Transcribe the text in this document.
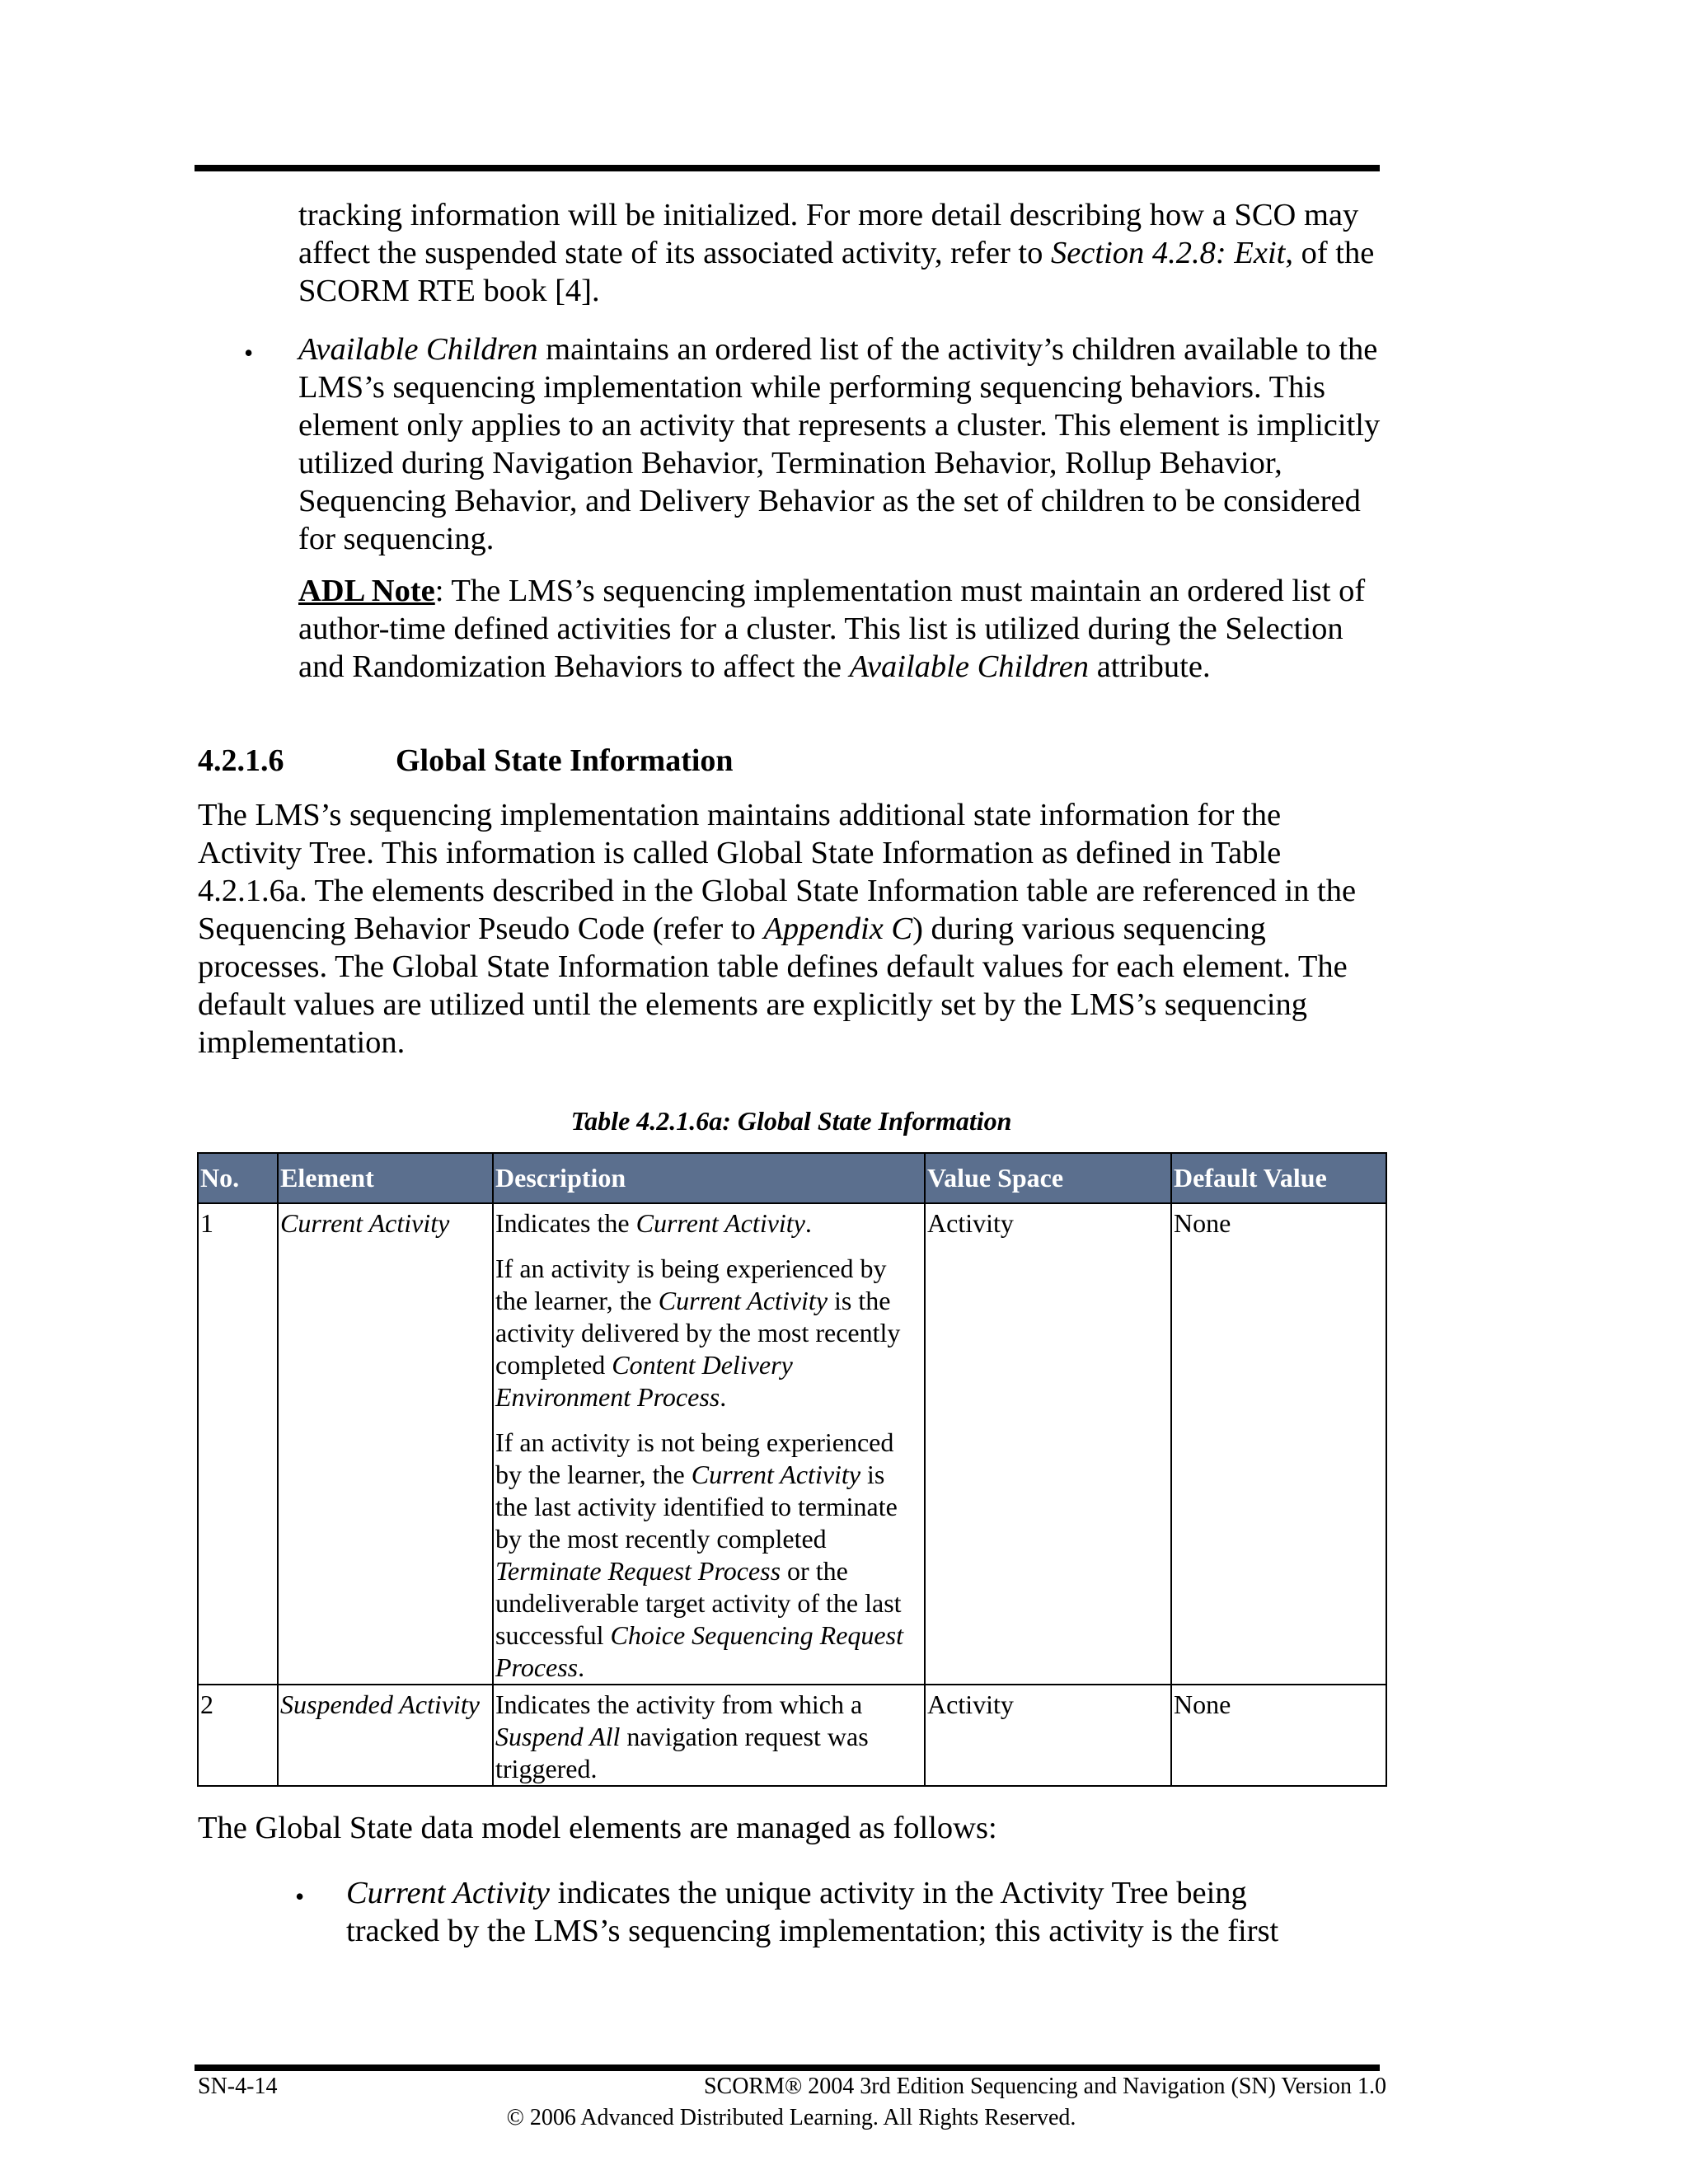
tracking information will be initialized. For more detail describing how a SCO may affect the suspended state of its associated activity, refer to Section 4.2.8: Exit, of the SCORM RTE book [4].

• Available Children maintains an ordered list of the activity’s children available to the LMS’s sequencing implementation while performing sequencing behaviors. This element only applies to an activity that represents a cluster. This element is implicitly utilized during Navigation Behavior, Termination Behavior, Rollup Behavior, Sequencing Behavior, and Delivery Behavior as the set of children to be considered for sequencing.

ADL Note: The LMS’s sequencing implementation must maintain an ordered list of author-time defined activities for a cluster. This list is utilized during the Selection and Randomization Behaviors to affect the Available Children attribute.

4.2.1.6	Global State Information

The LMS’s sequencing implementation maintains additional state information for the Activity Tree. This information is called Global State Information as defined in Table 4.2.1.6a. The elements described in the Global State Information table are referenced in the Sequencing Behavior Pseudo Code (refer to Appendix C) during various sequencing processes. The Global State Information table defines default values for each element. The default values are utilized until the elements are explicitly set by the LMS’s sequencing implementation.

Table 4.2.1.6a: Global State Information
No.	Element	Description	Value Space	Default Value
1	Current Activity	Indicates the Current Activity.

If an activity is being experienced by the learner, the Current Activity is the activity delivered by the most recently completed Content Delivery Environment Process.

If an activity is not being experienced by the learner, the Current Activity is the last activity identified to terminate by the most recently completed Terminate Request Process or the undeliverable target activity of the last successful Choice Sequencing Request Process.	Activity	None
2	Suspended Activity	Indicates the activity from which a Suspend All navigation request was triggered.	Activity	None

The Global State data model elements are managed as follows:

• Current Activity indicates the unique activity in the Activity Tree being tracked by the LMS’s sequencing implementation; this activity is the first

SN-4-14	SCORM® 2004 3rd Edition Sequencing and Navigation (SN) Version 1.0
© 2006 Advanced Distributed Learning. All Rights Reserved.
